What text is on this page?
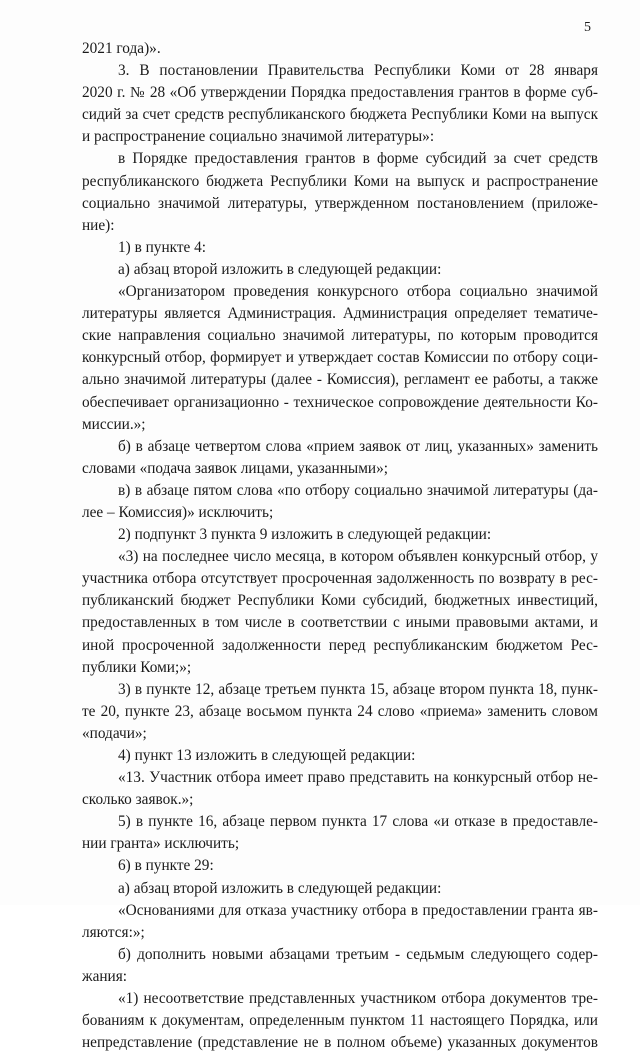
5
2021 года)».
3. В постановлении Правительства Республики Коми от 28 января
2020 г. № 28 «Об утверждении Порядка предоставления грантов в форме суб-
сидий за счет средств республиканского бюджета Республики Коми на выпуск
и распространение социально значимой литературы»:
в Порядке предоставления грантов в форме субсидий за счет средств
республиканского бюджета Республики Коми на выпуск и распространение
социально значимой литературы, утвержденном постановлением (приложе-
ние):
1) в пункте 4:
а) абзац второй изложить в следующей редакции:
«Организатором проведения конкурсного отбора социально значимой
литературы является Администрация. Администрация определяет тематиче-
ские направления социально значимой литературы, по которым проводится
конкурсный отбор, формирует и утверждает состав Комиссии по отбору соци-
ально значимой литературы (далее - Комиссия), регламент ее работы, а также
обеспечивает организационно - техническое сопровождение деятельности Ко-
миссии.»;
б) в абзаце четвертом слова «прием заявок от лиц, указанных» заменить
словами «подача заявок лицами, указанными»;
в) в абзаце пятом слова «по отбору социально значимой литературы (да-
лее – Комиссия)» исключить;
2) подпункт 3 пункта 9 изложить в следующей редакции:
«3) на последнее число месяца, в котором объявлен конкурсный отбор, у
участника отбора отсутствует просроченная задолженность по возврату в рес-
публиканский бюджет Республики Коми субсидий, бюджетных инвестиций,
предоставленных в том числе в соответствии с иными правовыми актами, и
иной просроченной задолженности перед республиканским бюджетом Рес-
публики Коми;»;
3) в пункте 12, абзаце третьем пункта 15, абзаце втором пункта 18, пунк-
те 20, пункте 23, абзаце восьмом пункта 24 слово «приема» заменить словом
«подачи»;
4) пункт 13 изложить в следующей редакции:
«13. Участник отбора имеет право представить на конкурсный отбор не-
сколько заявок.»;
5) в пункте 16, абзаце первом пункта 17 слова «и отказе в предоставле-
нии гранта» исключить;
6) в пункте 29:
а) абзац второй изложить в следующей редакции:
«Основаниями для отказа участнику отбора в предоставлении гранта яв-
ляются:»;
б) дополнить новыми абзацами третьим - седьмым следующего содер-
жания:
«1) несоответствие представленных участником отбора документов тре-
бованиям к документам, определенным пунктом 11 настоящего Порядка, или
непредставление (представление не в полном объеме) указанных документов
